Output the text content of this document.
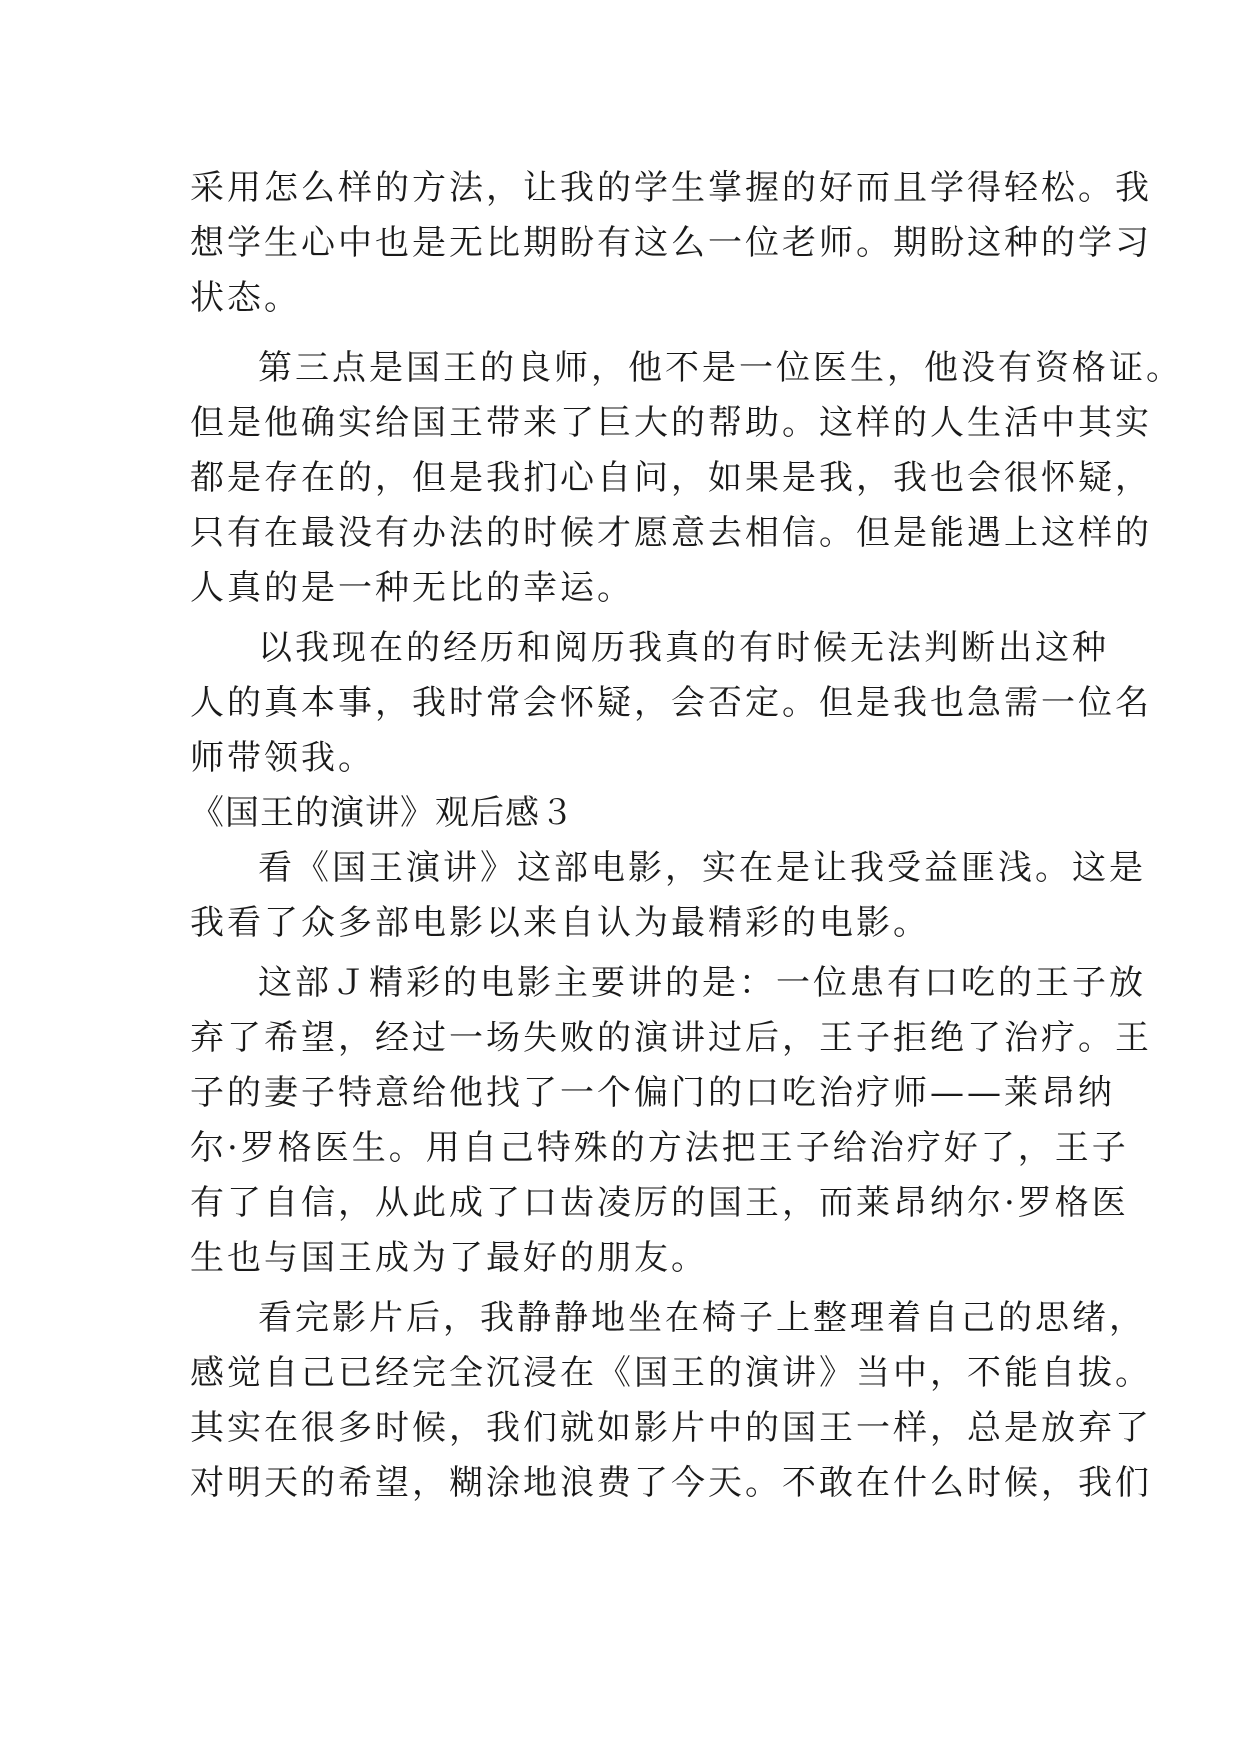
采用怎么样的方法，让我的学生掌握的好而且学得轻松。我
想学生心中也是无比期盼有这么一位老师。期盼这种的学习
状态。
第三点是国王的良师，他不是一位医生，他没有资格证。
但是他确实给国王带来了巨大的帮助。这样的人生活中其实
都是存在的，但是我扪心自问，如果是我，我也会很怀疑，
只有在最没有办法的时候才愿意去相信。但是能遇上这样的
人真的是一种无比的幸运。
以我现在的经历和阅历我真的有时候无法判断出这种
人的真本事，我时常会怀疑，会否定。但是我也急需一位名
师带领我。
《国王的演讲》观后感３
看《国王演讲》这部电影，实在是让我受益匪浅。这是
我看了众多部电影以来自认为最精彩的电影。
这部Ｊ精彩的电影主要讲的是：一位患有口吃的王子放
弃了希望，经过一场失败的演讲过后，王子拒绝了治疗。王
子的妻子特意给他找了一个偏门的口吃治疗师——莱昂纳
尔·罗格医生。用自己特殊的方法把王子给治疗好了，王子
有了自信，从此成了口齿凌厉的国王，而莱昂纳尔·罗格医
生也与国王成为了最好的朋友。
看完影片后，我静静地坐在椅子上整理着自己的思绪，
感觉自己已经完全沉浸在《国王的演讲》当中，不能自拔。
其实在很多时候，我们就如影片中的国王一样，总是放弃了
对明天的希望，糊涂地浪费了今天。不敢在什么时候，我们
